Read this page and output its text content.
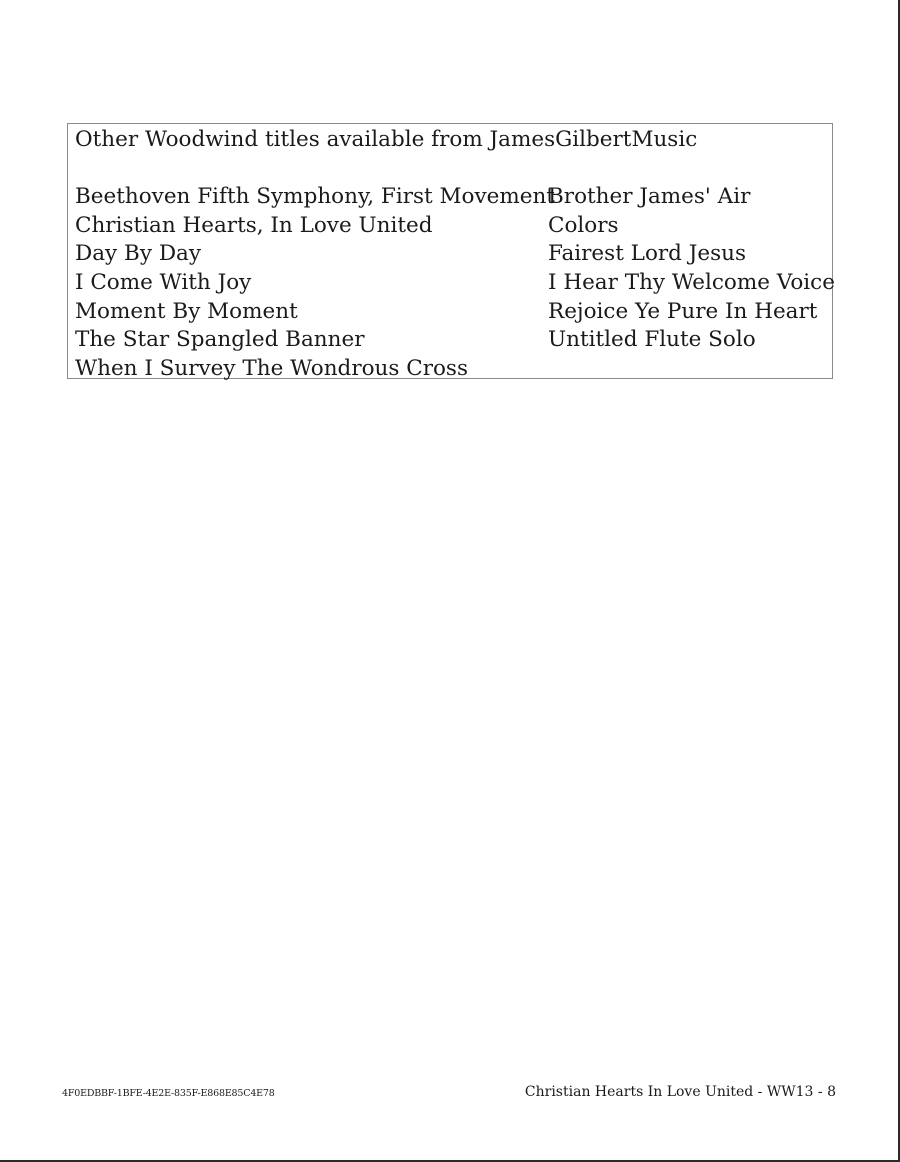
Other Woodwind titles available from JamesGilbertMusic
Beethoven Fifth Symphony, First Movement
Christian Hearts, In Love United
Day By Day
I Come With Joy
Moment By Moment
The Star Spangled Banner
When I Survey The Wondrous Cross
Brother James' Air
Colors
Fairest Lord Jesus
I Hear Thy Welcome Voice
Rejoice Ye Pure In Heart
Untitled Flute Solo
4F0EDBBF-1BFE-4E2E-835F-E868E85C4E78	Christian Hearts In Love United - WW13 - 8
